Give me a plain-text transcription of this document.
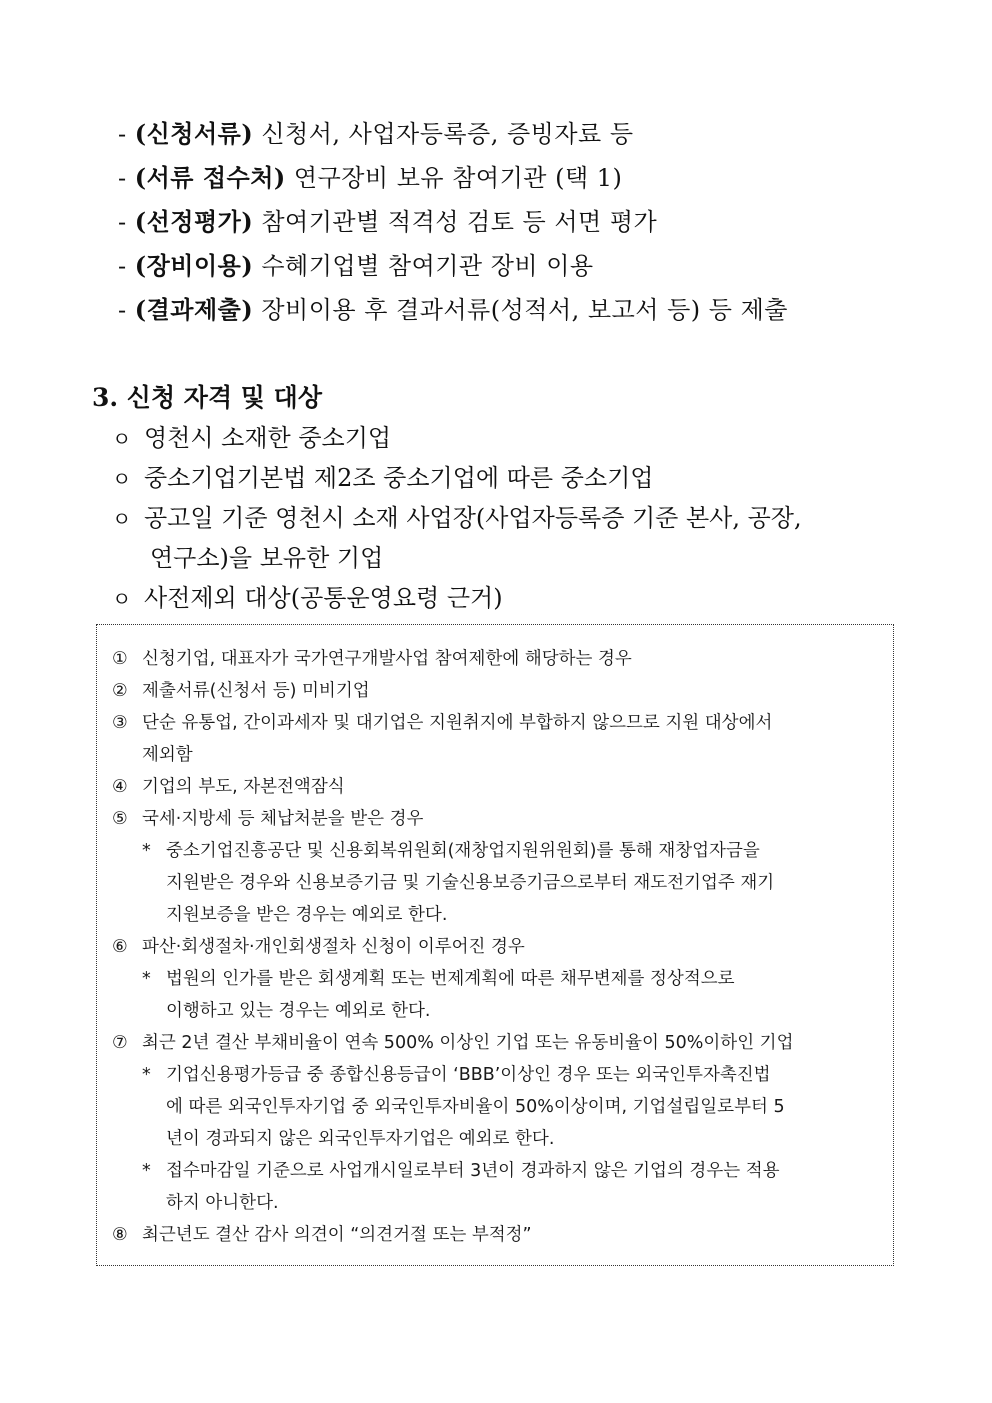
- (신청서류) 신청서, 사업자등록증, 증빙자료 등
- (서류 접수처) 연구장비 보유 참여기관 (택 1)
- (선정평가) 참여기관별 적격성 검토 등 서면 평가
- (장비이용) 수혜기업별 참여기관 장비 이용
- (결과제출) 장비이용 후 결과서류(성적서, 보고서 등) 등 제출
3. 신청 자격 및 대상
ㅇ 영천시 소재한 중소기업
ㅇ 중소기업기본법 제2조 중소기업에 따른 중소기업
ㅇ 공고일 기준 영천시 소재 사업장(사업자등록증 기준 본사, 공장,
연구소)을 보유한 기업
ㅇ 사전제외 대상(공통운영요령 근거)
① 신청기업, 대표자가 국가연구개발사업 참여제한에 해당하는 경우
② 제출서류(신청서 등) 미비기업
③ 단순 유통업, 간이과세자 및 대기업은 지원취지에 부합하지 않으므로 지원 대상에서
제외함
④ 기업의 부도, 자본전액잠식
⑤ 국세·지방세 등 체납처분을 받은 경우
* 중소기업진흥공단 및 신용회복위원회(재창업지원위원회)를 통해 재창업자금을
지원받은 경우와 신용보증기금 및 기술신용보증기금으로부터 재도전기업주 재기
지원보증을 받은 경우는 예외로 한다.
⑥ 파산·회생절차·개인회생절차 신청이 이루어진 경우
* 법원의 인가를 받은 회생계획 또는 번제계획에 따른 채무변제를 정상적으로
이행하고 있는 경우는 예외로 한다.
⑦ 최근 2년 결산 부채비율이 연속 500% 이상인 기업 또는 유동비율이 50%이하인 기업
* 기업신용평가등급 중 종합신용등급이 ‘BBB’이상인 경우 또는 외국인투자촉진법
에 따른 외국인투자기업 중 외국인투자비율이 50%이상이며, 기업설립일로부터 5
년이 경과되지 않은 외국인투자기업은 예외로 한다.
* 접수마감일 기준으로 사업개시일로부터 3년이 경과하지 않은 기업의 경우는 적용
하지 아니한다.
⑧ 최근년도 결산 감사 의견이 “의견거절 또는 부적정”
